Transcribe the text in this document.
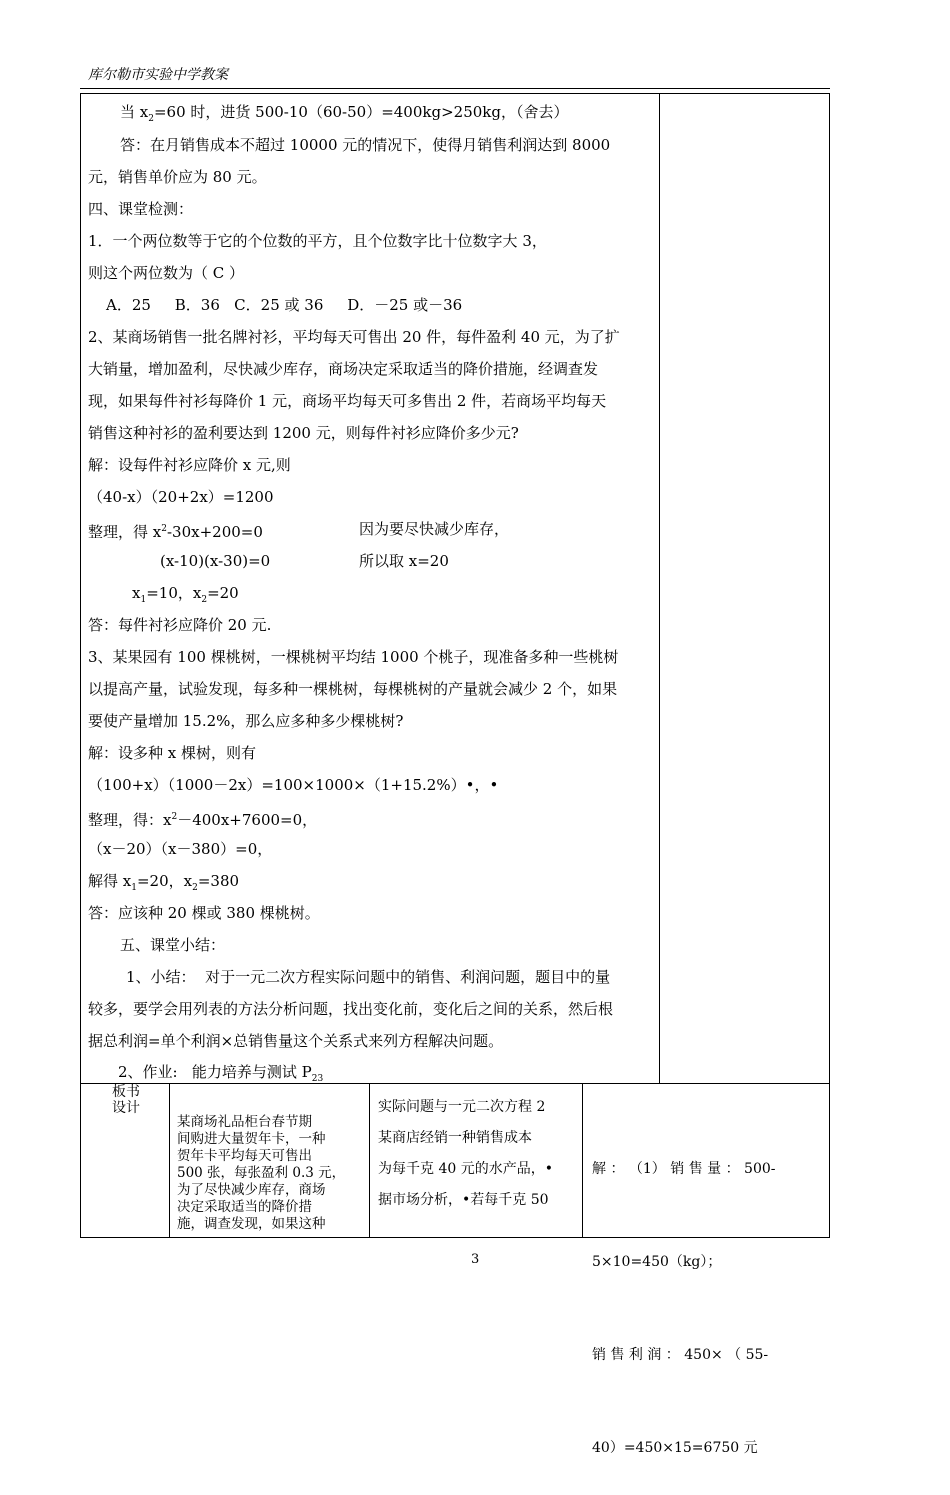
库尔勒市实验中学教案
当 $x_2=60$ 时，进货 500-10（60-50）=400kg>250kg，（舍去）
答：在月销售成本不超过 10000 元的情况下，使得月销售利润达到 8000
元，销售单价应为 80 元。
四、课堂检测：
1．一个两位数等于它的个位数的平方，且个位数字比十位数字大 3，
则这个两位数为（ C ）
A．25     B．36   C．25 或 36     D．－25 或－36
2、某商场销售一批名牌衬衫，平均每天可售出 20 件，每件盈利 40 元，为了扩
大销量，增加盈利，尽快减少库存，商场决定采取适当的降价措施，经调查发
现，如果每件衬衫每降价 1 元，商场平均每天可多售出 2 件，若商场平均每天
销售这种衬衫的盈利要达到 1200 元，则每件衬衫应降价多少元?
解：设每件衬衫应降价 x 元,则
（40-x）（20+2x）=1200
整理，得 $x^2-30x+200=0$	因为要尽快减少库存，
(x-10)(x-30)=0	所以取 x=20
$x_1=10$，$x_2=20$
答：每件衬衫应降价 20 元.
3、某果园有 100 棵桃树，一棵桃树平均结 1000 个桃子，现准备多种一些桃树
以提高产量，试验发现，每多种一棵桃树，每棵桃树的产量就会减少 2 个，如果
要使产量增加 15.2%，那么应多种多少棵桃树?
解：设多种 x 棵树，则有
（100+x）（1000－2x）=100×1000×（1+15.2%）•，•
整理，得：$x^2-400x+7600=0$，
（x－20）（x－380）=0，
解得 $x_1=20$，$x_2=380$
答：应该种 20 棵或 380 棵桃树。
五、课堂小结：
1、小结：  对于一元二次方程实际问题中的销售、利润问题，题目中的量
较多，要学会用列表的方法分析问题，找出变化前，变化后之间的关系，然后根
据总利润=单个利润×总销售量这个关系式来列方程解决问题。
2、作业:   能力培养与测试 $P_{23}$
板书
设计
某商场礼品柜台春节期
间购进大量贺年卡，一种
贺年卡平均每天可售出
500 张，每张盈利 0.3 元，
为了尽快减少库存，商场
决定采取适当的降价措
施，调查发现，如果这种
实际问题与一元二次方程 2
某商店经销一种销售成本
为每千克 40 元的水产品，•
据市场分析，•若每千克 50

解 ： （1） 销 售 量 ： 500-

5×10=450（kg）；

销 售 利 润 ： 450× （ 55-

40）=450×15=6750 元

3
